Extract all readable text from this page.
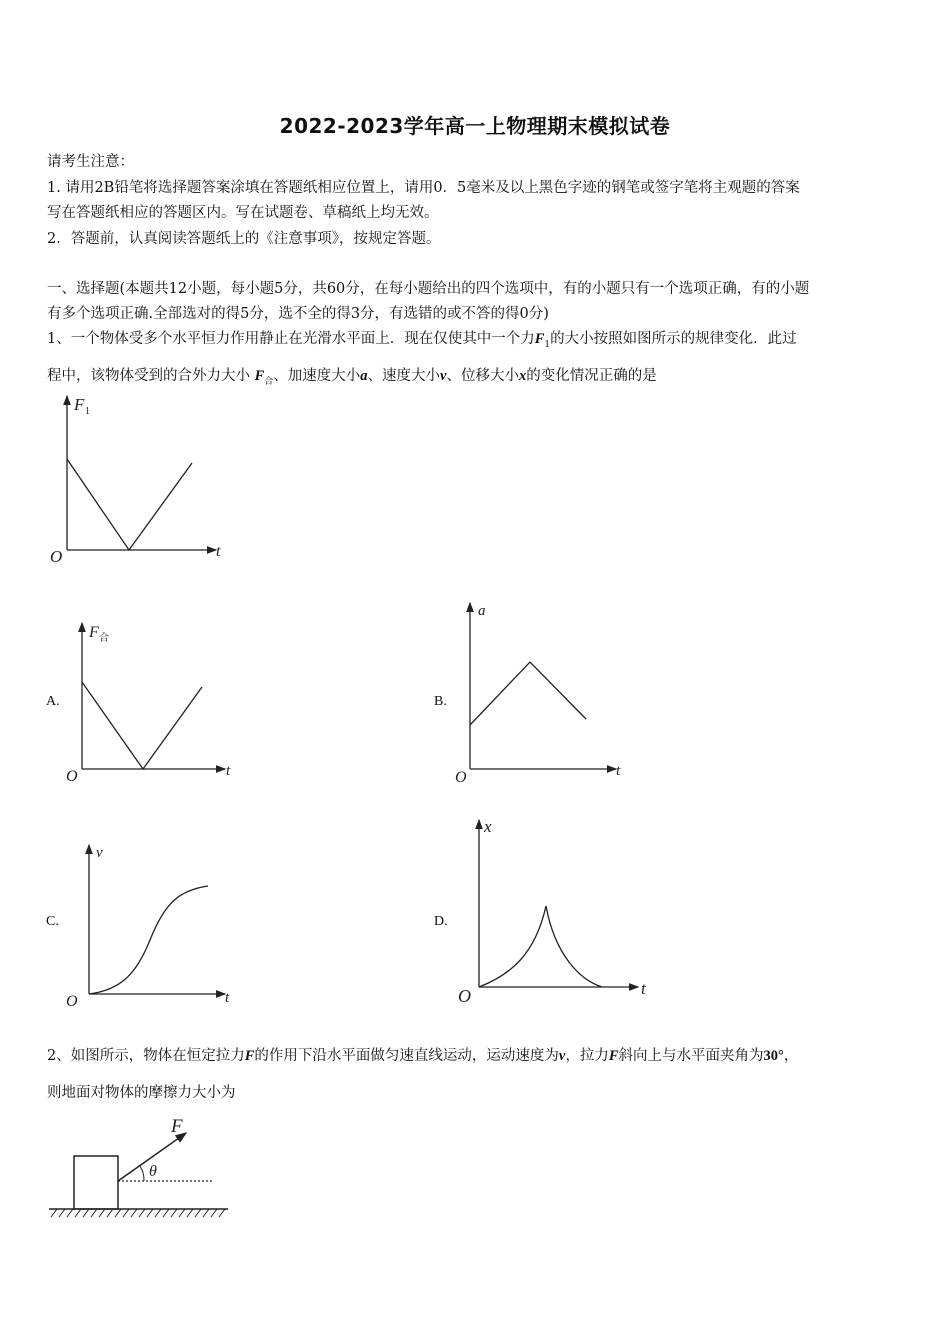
2022-2023学年高一上物理期末模拟试卷
请考生注意：
1. 请用2B铅笔将选择题答案涂填在答题纸相应位置上，请用0．5毫米及以上黑色字迹的钢笔或签字笔将主观题的答案
写在答题纸相应的答题区内。写在试题卷、草稿纸上均无效。
2．答题前，认真阅读答题纸上的《注意事项》，按规定答题。
一、选择题(本题共12小题，每小题5分，共60分，在每小题给出的四个选项中，有的小题只有一个选项正确，有的小题
有多个选项正确.全部选对的得5分，选不全的得3分，有选错的或不答的得0分)
1、一个物体受多个水平恒力作用静止在光滑水平面上．现在仅使其中一个力$F_1$的大小按照如图所示的规律变化．此过
程中，该物体受到的合外力大小 $F_合$、加速度大小a、速度大小v、位移大小x的变化情况正确的是
F 1
O	t
A.
F 合
O	t
B.
a
O	t
C.
v
O	t
D.
x
O	t
2、如图所示，物体在恒定拉力F的作用下沿水平面做匀速直线运动，运动速度为v，拉力F斜向上与水平面夹角为30°，
则地面对物体的摩擦力大小为
F
θ
